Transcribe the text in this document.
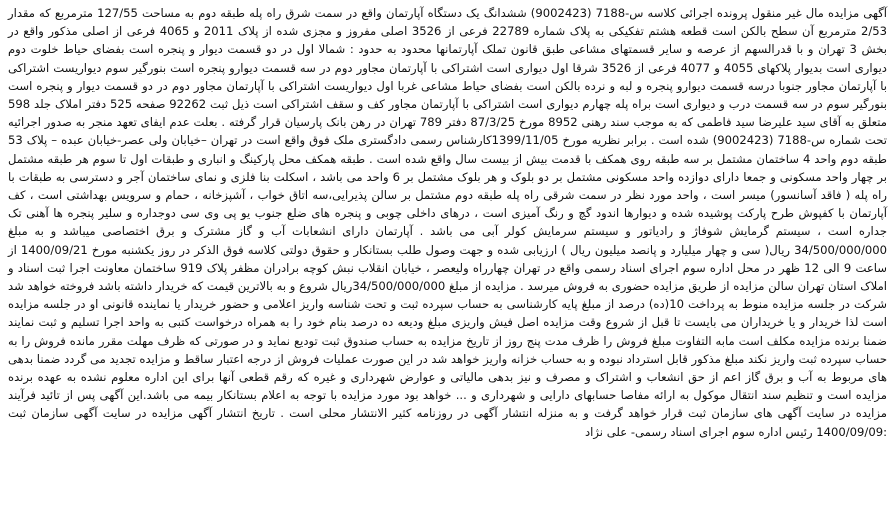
آگهی مزایده مال غیر منقول پرونده اجرائی کلاسه س-7188 (9002423) ششدانگ یک دستگاه آپارتمان واقع در سمت شرق راه پله طبقه دوم به مساحت 127/55 مترمربع که مقدار 2/53 مترمربع آن سطح بالکن است قطعه هشتم تفکیکی به پلاک شماره 22789 فرعی از 3526 اصلی مفروز و مجزی شده از پلاک 2011 و 4065 فرعی از اصلی مذکور واقع در بخش 3 تهران و با قدرالسهم از عرصه و سایر قسمتهای مشاعی طبق قانون تملک آپارتمانها محدود به حدود : شمالا اول در دو قسمت دیوار و پنجره است بفضای حیاط خلوت دوم دیواری است بدیوار پلاکهای 4055 و 4077 فرعی از 3526 شرقا اول دیواری است اشتراکی با آپارتمان مجاور دوم در سه قسمت دیوارو پنجره است بنورگیر سوم دیواریست اشتراکی با آپارتمان مجاور جنوبا درسه قسمت دیوارو پنجره و لبه و نرده بالکن است بفضای حیاط مشاعی غربا اول دیواریست اشتراکی با آپارتمان مجاور دوم در دو قسمت دیوار و پنجره است بنورگیر سوم در سه قسمت درب و دیواری است براه پله چهارم دیواری است اشتراکی با آپارتمان مجاور کف و سقف اشتراکی است ذیل ثبت 92262 صفحه 525 دفتر املاک جلد 598 متعلق به آقای سید علیرضا سید فاطمی که به موجب سند رهنی 8952 مورخ 87/3/25 دفتر 789 تهران در رهن بانک پارسیان قرار گرفته . بعلت عدم ایفای تعهد منجر به صدور اجرائیه تحت شماره س-7188 (9002423) شده است . برابر نظریه مورخ 1399/11/05کارشناس رسمی دادگستری ملک فوق واقع است در تهران –خیابان ولی عصر-خیابان عبده – پلاک 53 طبقه دوم واحد 4 ساختمان مشتمل بر سه طبقه روی همکف با قدمت بیش از بیست سال واقع شده است . طبقه همکف محل پارکینگ و انباری و طبقات اول تا سوم هر طبقه مشتمل بر چهار واحد مسکونی و جمعا دارای دوازده واحد مسکونی مشتمل بر دو بلوک و هر بلوک مشتمل بر 6 واحد می باشد ، اسکلت بنا فلزی و نمای ساختمان آجر و دسترسی به طبقات با راه پله ( فاقد آسانسور) میسر است ، واحد مورد نظر در سمت شرقی راه پله طبقه دوم مشتمل بر سالن پذیرایی،سه اتاق خواب ، آشپزخانه ، حمام و سرویس بهداشتی است ، کف آپارتمان با کفپوش طرح پارکت پوشیده شده و دیوارها اندود گچ و رنگ آمیزی است ، درهای داخلی چوبی و پنجره های ضلع جنوب یو پی وی سی دوجداره و سلیر پنجره ها آهنی تک جداره است ، سیستم گرمایش شوفاژ و رادیاتور و سیستم سرمایش کولر آبی می باشد . آپارتمان دارای انشعابات آب و گاز مشترک و برق اختصاصی میباشد و به مبلغ 34/500/000/000 ریال( سی و چهار میلیارد و پانصد میلیون ریال ) ارزیابی شده و جهت وصول طلب بستانکار و حقوق دولتی کلاسه فوق الذکر در روز یکشنبه مورخ 1400/09/21 از ساعت 9 الی 12 ظهر در محل اداره سوم اجرای اسناد رسمی واقع در تهران چهارراه ولیعصر ، خیابان انقلاب نبش کوچه برادران مظفر پلاک 919 ساختمان معاونت اجرا ثبت اسناد و املاک استان تهران سالن مزایده از طریق مزایده حضوری به فروش میرسد . مزایده از مبلغ 34/500/000/000ریال شروع و به بالاترین قیمت که خریدار داشته باشد فروخته خواهد شد شرکت در جلسه مزایده منوط به پرداخت 10(ده) درصد از مبلغ پایه کارشناسی به حساب سپرده ثبت و تحت شناسه واریز اعلامی و حضور خریدار یا نماینده قانونی او در جلسه مزایده است لذا خریدار و یا خریداران می بایست تا قبل از شروع وقت مزایده اصل فیش واریزی مبلغ ودیعه ده درصد بنام خود را به همراه درخواست کتبی به واحد اجرا تسلیم و ثبت نمایند ضمنا برنده مزایده مکلف است مابه التفاوت مبلغ فروش را ظرف مدت پنج روز از تاریخ مزایده به حساب صندوق ثبت تودیع نماید و در صورتی که ظرف مهلت مقرر مانده فروش را به حساب سپرده ثبت واریز نکند مبلغ مذکور قابل استرداد نبوده و به حساب خزانه واریز خواهد شد در این صورت عملیات فروش از درجه اعتبار ساقط و مزایده تجدید می گردد ضمنا بدهی های مربوط به آب و برق گاز اعم از حق انشعاب و اشتراک و مصرف و نیز بدهی مالیاتی و عوارض شهرداری و غیره که رقم قطعی آنها برای این اداره معلوم نشده به عهده برنده مزایده است و تنظیم سند انتقال موکول به ارائه مفاصا حسابهای دارایی و شهرداری و ... خواهد بود مورد مزایده با توجه به اعلام بستانکار بیمه می باشد.این آگهی پس از تائید فرآیند مزایده در سایت آگهی های سازمان ثبت قرار خواهد گرفت و به منزله انتشار آگهی در روزنامه کثیر الانتشار محلی است . تاریخ انتشار آگهی مزایده در سایت آگهی سازمان ثبت :1400/09/09 رئیس اداره سوم اجرای اسناد رسمی- علی نژاد
